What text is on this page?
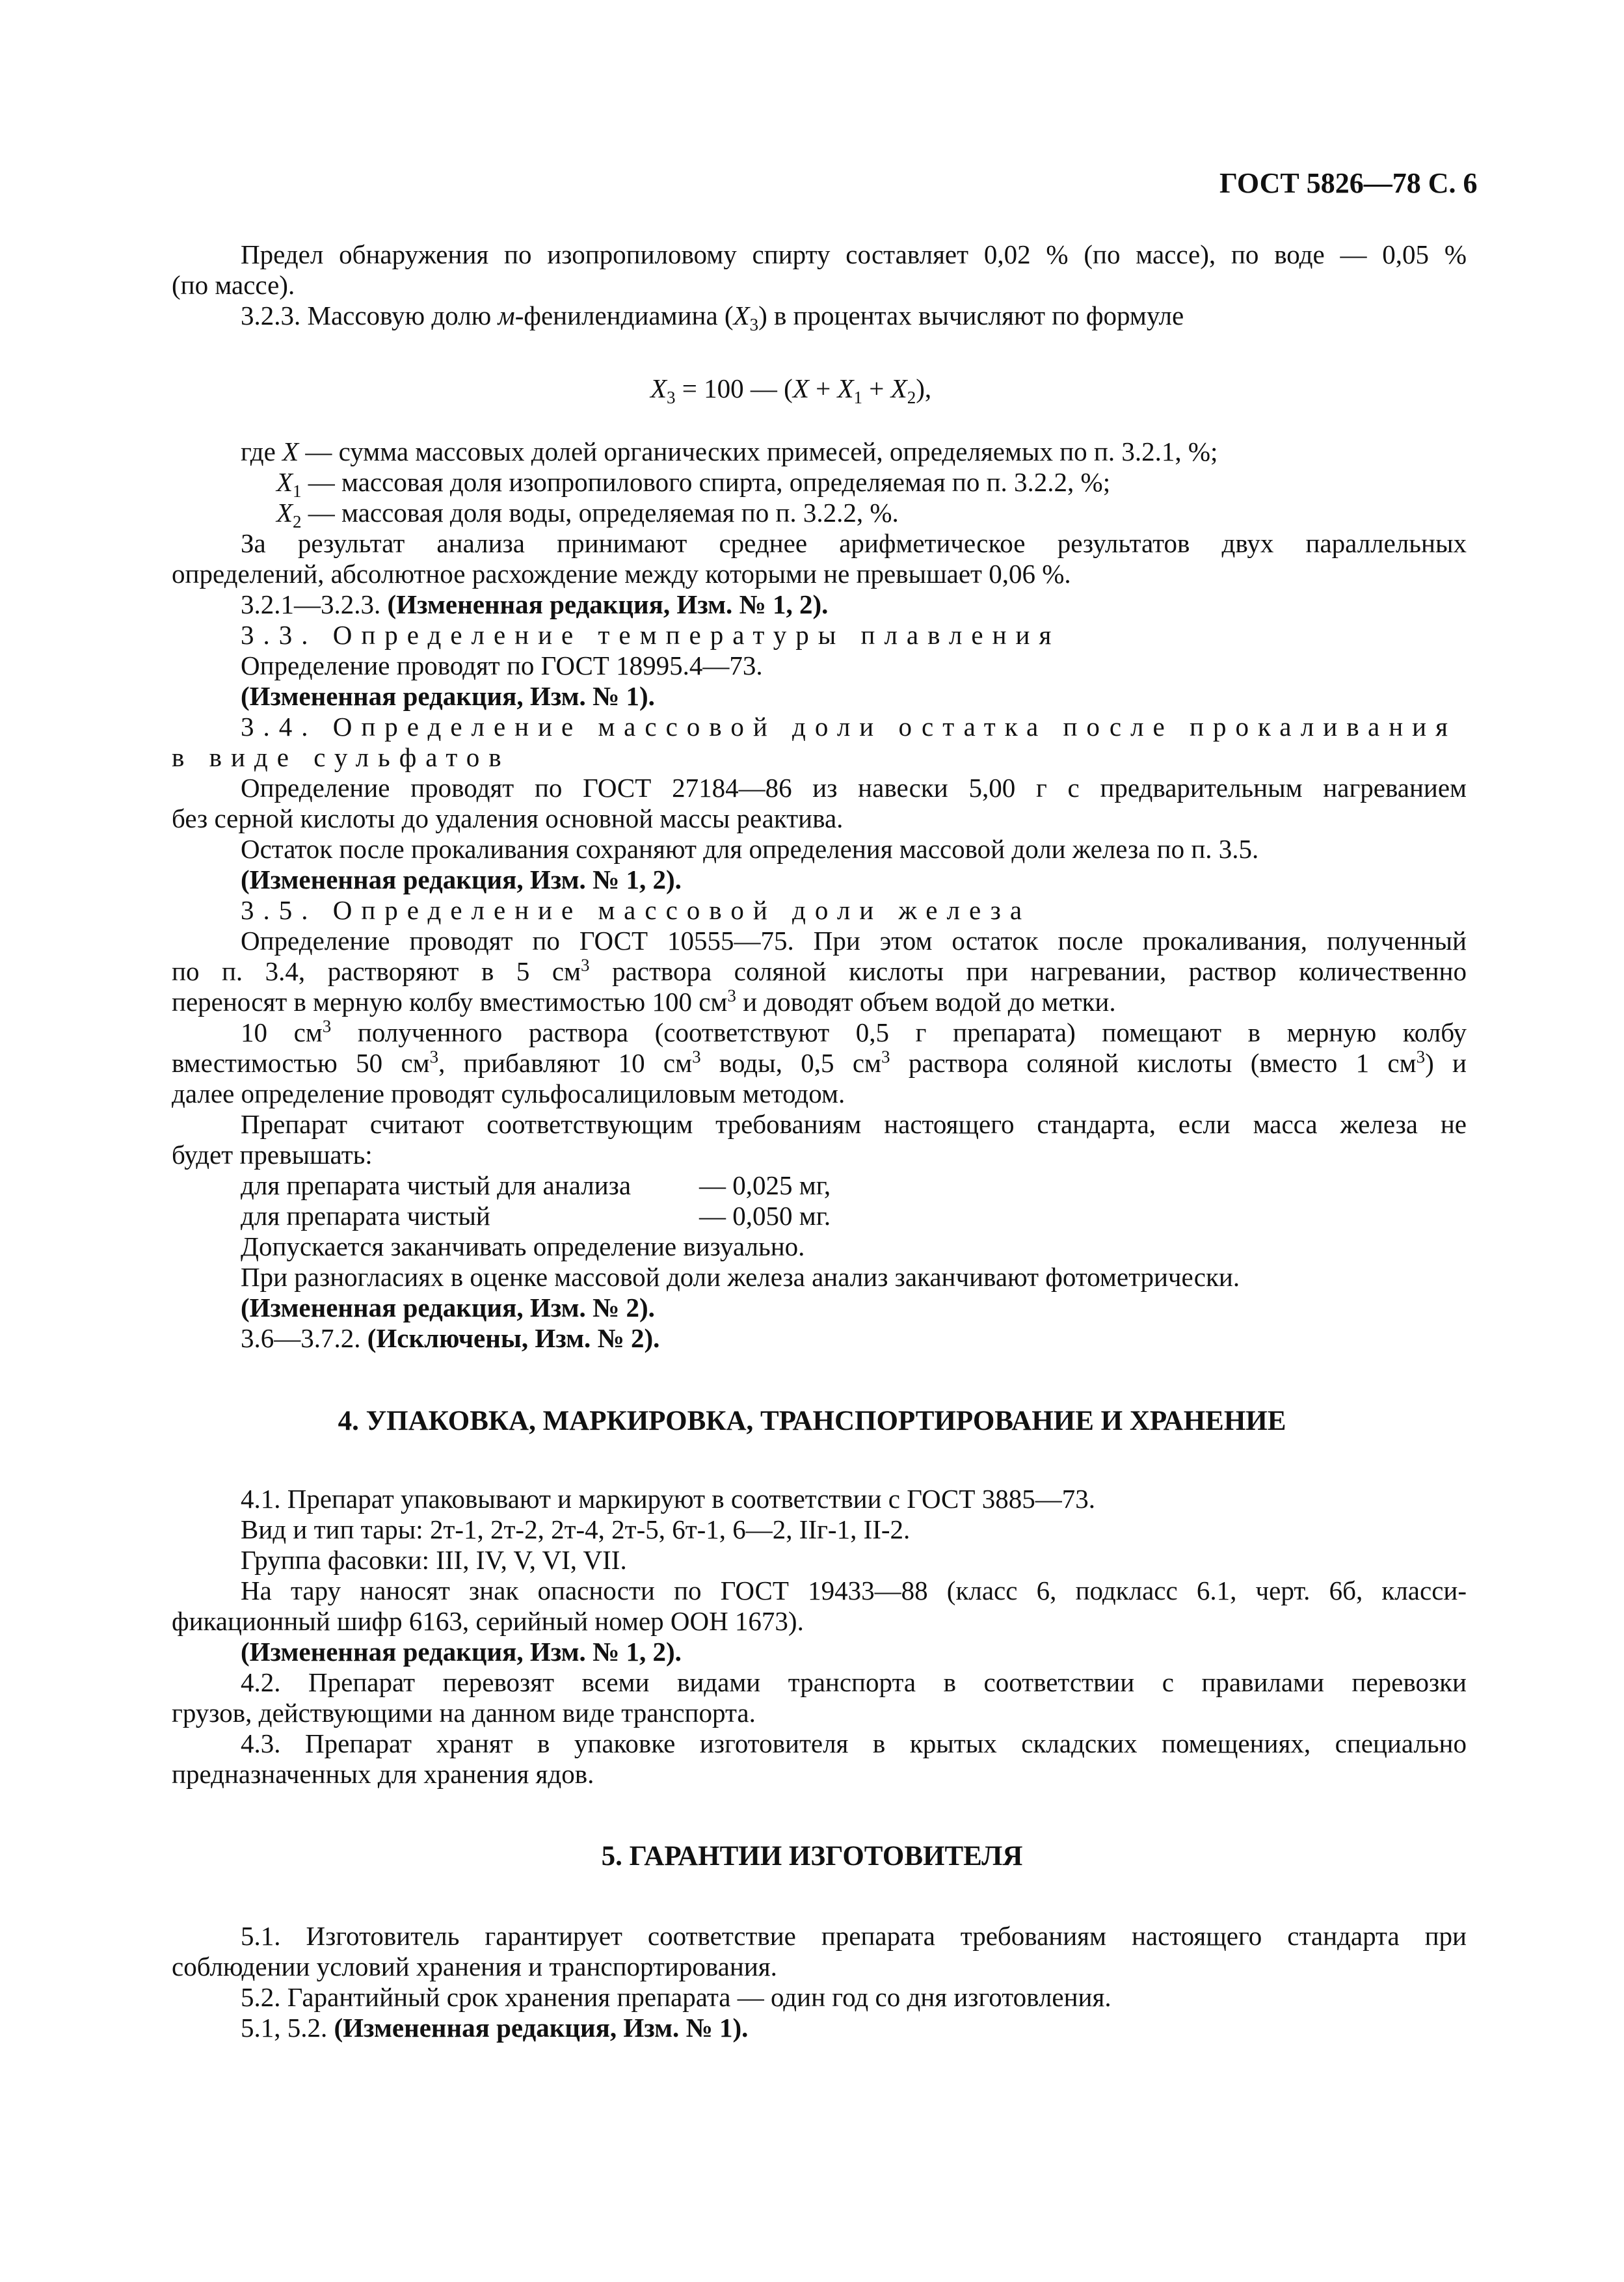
ГОСТ 5826—78 С. 6
Предел обнаружения по изопропиловому спирту составляет 0,02 % (по массе), по воде — 0,05 %
(по массе).
3.2.3. Массовую долю м-фенилендиамина $(X_3)$ в процентах вычисляют по формуле
$X_3 = 100$ — $(X + X_1 + X_2)$,
где X — сумма массовых долей органических примесей, определяемых по п. 3.2.1, %;
$X_1$ — массовая доля изопропилового спирта, определяемая по п. 3.2.2, %;
$X_2$ — массовая доля воды, определяемая по п. 3.2.2, %.
За результат анализа принимают среднее арифметическое результатов двух параллельных
определений, абсолютное расхождение между которыми не превышает 0,06 %.
3.2.1—3.2.3. (Измененная редакция, Изм. № 1, 2).
3.3. Определение температуры плавления
Определение проводят по ГОСТ 18995.4—73.
(Измененная редакция, Изм. № 1).
3.4. Определение массовой доли остатка после прокаливания
в виде сульфатов
Определение проводят по ГОСТ 27184—86 из навески 5,00 г с предварительным нагреванием
без серной кислоты до удаления основной массы реактива.
Остаток после прокаливания сохраняют для определения массовой доли железа по п. 3.5.
(Измененная редакция, Изм. № 1, 2).
3.5. Определение массовой доли железа
Определение проводят по ГОСТ 10555—75. При этом остаток после прокаливания, полученный
по п. 3.4, растворяют в 5 $см^3$ раствора соляной кислоты при нагревании, раствор количественно
переносят в мерную колбу вместимостью 100 $см^3$ и доводят объем водой до метки.
10 $см^3$ полученного раствора (соответствуют 0,5 г препарата) помещают в мерную колбу
вместимостью 50 $см^3$, прибавляют 10 $см^3$ воды, 0,5 $см^3$ раствора соляной кислоты (вместо 1 $см^3$) и
далее определение проводят сульфосалициловым методом.
Препарат считают соответствующим требованиям настоящего стандарта, если масса железа не
будет превышать:
для препарата чистый для анализа	— 0,025 мг,
для препарата чистый	— 0,050 мг.
Допускается заканчивать определение визуально.
При разногласиях в оценке массовой доли железа анализ заканчивают фотометрически.
(Измененная редакция, Изм. № 2).
3.6—3.7.2. (Исключены, Изм. № 2).
4. УПАКОВКА, МАРКИРОВКА, ТРАНСПОРТИРОВАНИЕ И ХРАНЕНИЕ
4.1. Препарат упаковывают и маркируют в соответствии с ГОСТ 3885—73.
Вид и тип тары: 2т-1, 2т-2, 2т-4, 2т-5, 6т-1, 6—2, IIг-1, II-2.
Группа фасовки: III, IV, V, VI, VII.
На тару наносят знак опасности по ГОСТ 19433—88 (класс 6, подкласс 6.1, черт. 6б, класси-
фикационный шифр 6163, серийный номер ООН 1673).
(Измененная редакция, Изм. № 1, 2).
4.2. Препарат перевозят всеми видами транспорта в соответствии с правилами перевозки
грузов, действующими на данном виде транспорта.
4.3. Препарат хранят в упаковке изготовителя в крытых складских помещениях, специально
предназначенных для хранения ядов.
5. ГАРАНТИИ ИЗГОТОВИТЕЛЯ
5.1. Изготовитель гарантирует соответствие препарата требованиям настоящего стандарта при
соблюдении условий хранения и транспортирования.
5.2. Гарантийный срок хранения препарата — один год со дня изготовления.
5.1, 5.2. (Измененная редакция, Изм. № 1).
